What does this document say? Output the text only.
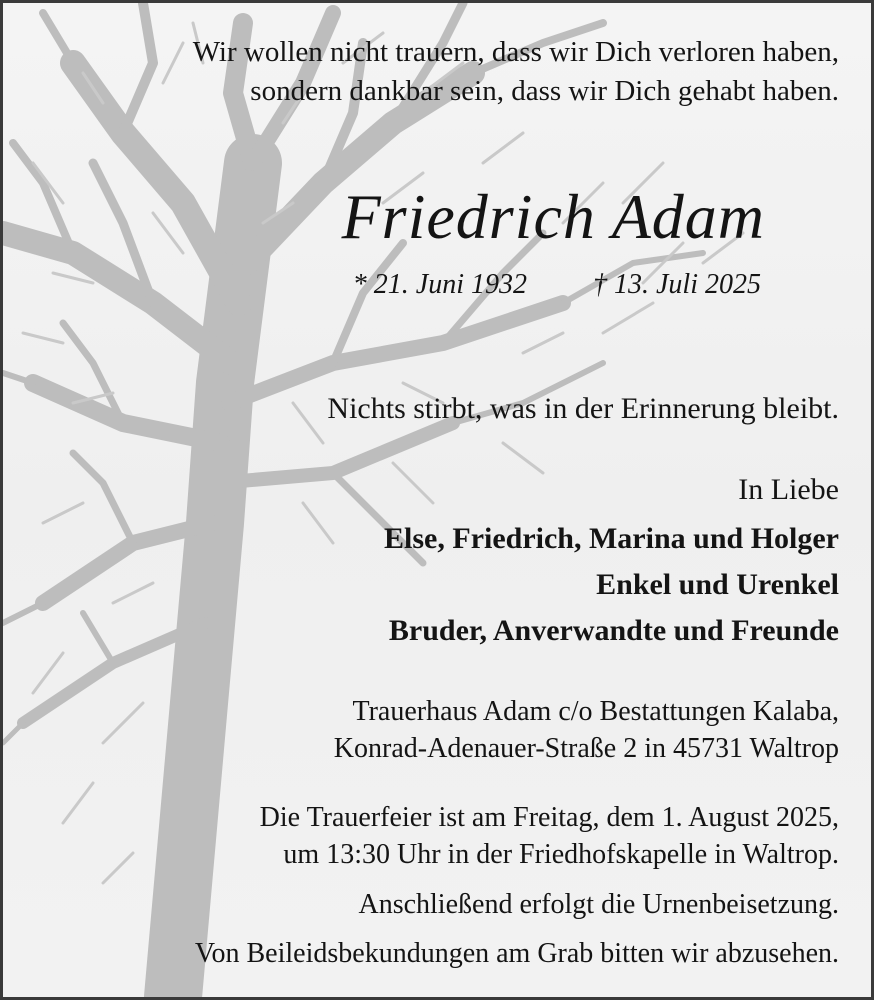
Wir wollen nicht trauern, dass wir Dich verloren haben,
sondern dankbar sein, dass wir Dich gehabt haben.
Friedrich Adam
* 21. Juni 1932 † 13. Juli 2025
Nichts stirbt, was in der Erinnerung bleibt.
In Liebe
Else, Friedrich, Marina und Holger
Enkel und Urenkel
Bruder, Anverwandte und Freunde
Trauerhaus Adam c/o Bestattungen Kalaba,
Konrad-Adenauer-Straße 2 in 45731 Waltrop
Die Trauerfeier ist am Freitag, dem 1. August 2025,
um 13:30 Uhr in der Friedhofskapelle in Waltrop.
Anschließend erfolgt die Urnenbeisetzung.
Von Beileidsbekundungen am Grab bitten wir abzusehen.
